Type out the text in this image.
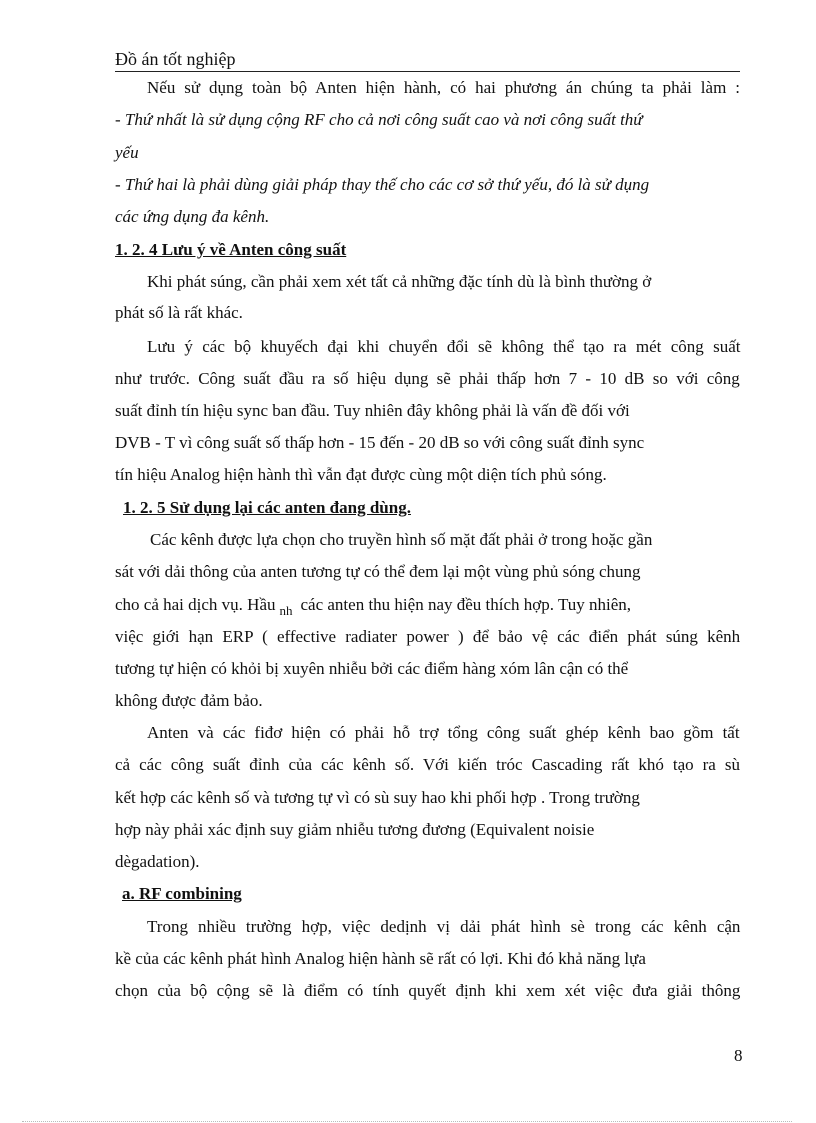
Đồ án tốt nghiệp

Nếu sử dụng toàn bộ Anten hiện hành, có hai phương án chúng ta phải làm :

- Thứ nhất là sử dụng cộng RF cho cả nơi công suất cao và nơi công suất thứ

yếu

- Thứ hai là phải dùng giải pháp thay thế cho các cơ sở thứ yếu, đó là sử dụng

các ứng dụng đa kênh.

1. 2. 4 Lưu ý về Anten công suất

Khi phát súng, cần phải xem xét tất cả những đặc tính dù là bình thường ở

phát số là rất khác.

Lưu ý các bộ khuyếch đại khi chuyển đổi sẽ không thể tạo ra mét công suất

như trước. Công suất đầu ra số hiệu dụng sẽ phải thấp hơn 7 - 10 dB so với công

suất đỉnh tín hiệu sync ban đầu. Tuy nhiên đây không phải là vấn đề đối với

DVB - T vì công suất số thấp hơn - 15 đến - 20 dB so với công suất đỉnh sync

tín hiệu Analog hiện hành thì vẫn đạt được cùng một diện tích phủ sóng.

1. 2. 5 Sử dụng lại các anten đang dùng.

Các kênh được lựa chọn cho truyền hình số mặt đất phải ở trong hoặc gần

sát với dải thông của anten tương tự có thể đem lại một vùng phủ sóng chung

cho cả hai dịch vụ. Hầu $_{nh}$ các anten thu hiện nay đều thích hợp. Tuy nhiên,

việc giới hạn ERP ( effective radiater power ) để bảo vệ các điển phát súng kênh

tương tự hiện có khỏi bị xuyên nhiễu bởi các điểm hàng xóm lân cận có thể

không được đảm bảo.

Anten và các fiđơ hiện có phải hỗ trợ tổng công suất ghép kênh bao gồm tất

cả các công suất đỉnh của các kênh số. Với kiến tróc Cascading rất khó tạo ra sù

kết hợp các kênh số và tương tự vì có sù suy hao khi phối hợp . Trong trường

hợp này phải xác định suy giảm nhiễu tương đương (Equivalent noisie

dègadation).

a. RF combining

Trong nhiều trường hợp, việc dedịnh vị dải phát hình sè trong các kênh cận

kề của các kênh phát hình Analog hiện hành sẽ rất có lợi. Khi đó khả năng lựa

chọn của bộ cộng sẽ là điểm có tính quyết định khi xem xét việc đưa giải thông

8
